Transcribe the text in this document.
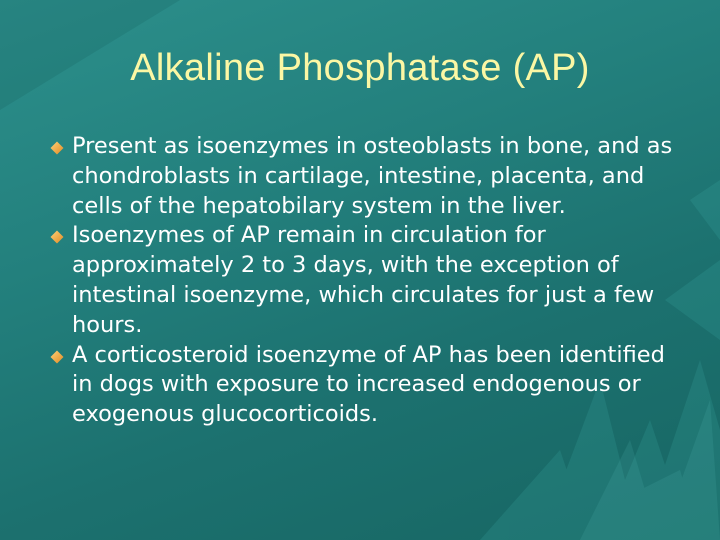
Alkaline Phosphatase (AP)
Present as isoenzymes in osteoblasts in bone, and as chondroblasts in cartilage, intestine, placenta, and cells of the hepatobilary system in the liver.
Isoenzymes of AP remain in circulation for approximately 2 to 3 days, with the exception of intestinal isoenzyme, which circulates for just a few hours.
A corticosteroid isoenzyme of AP has been identified in dogs with exposure to increased endogenous or exogenous glucocorticoids.
